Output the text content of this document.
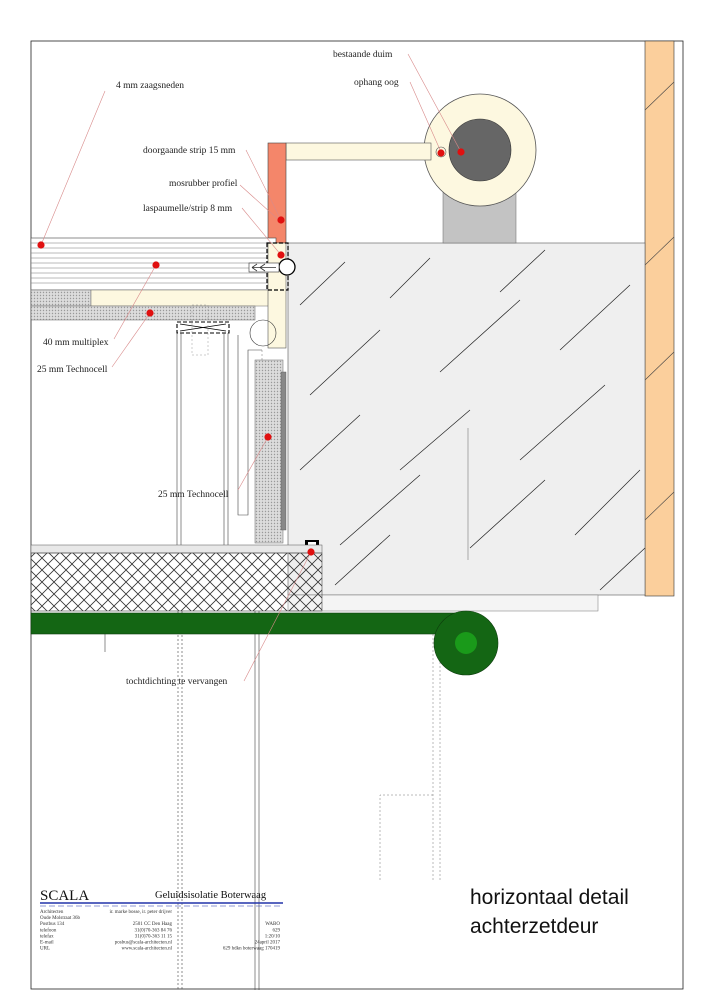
bestaande duim
ophang oog
4 mm zaagsneden
doorgaande strip 15 mm
mosrubber profiel
laspaumelle/strip 8 mm
40 mm multiplex
25 mm Technocell
25 mm Technocell
tochtdichting te vervangen
SCALA	Geluidsisolatie Boterwaag
Architecten
Oude Molstraat 36b
Postbus 134
telefoon
telefax
E-mail
URL
ir. marke bosse, ir. peter drijver
2501 CC Den Haag
31(0)70-363 84 76
31(0)70-363 11 15
posbus@scala-architecten.nl
www.scala-architecten.nl
WABO
629
1:20/10
24april 2017
629 hdkn boterwaag 170419
horizontaal detail
achterzetdeur
